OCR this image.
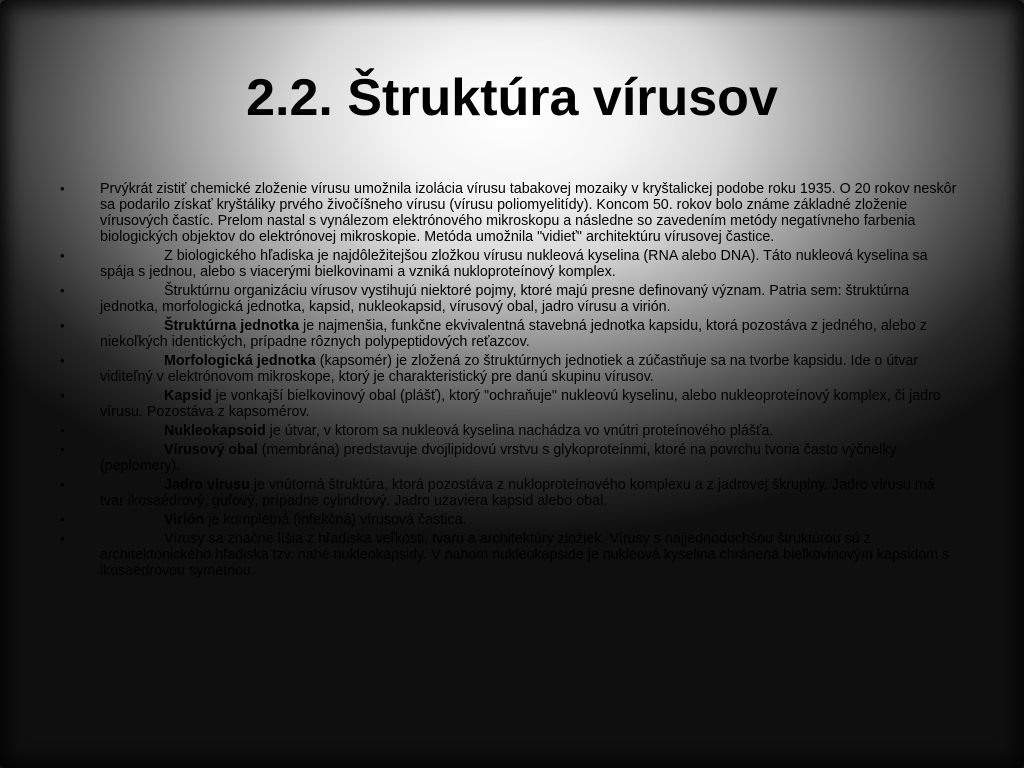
2.2. Štruktúra vírusov
•	Prvýkrát zistiť chemické zloženie vírusu umožnila izolácia vírusu tabakovej mozaiky v kryštalickej podobe roku 1935. O 20 rokov neskôr sa podarilo získať kryštáliky prvého živočíšneho vírusu (vírusu poliomyelitídy). Koncom 50. rokov bolo známe základné zloženie vírusových častíc. Prelom nastal s vynálezom elektrónového mikroskopu a následne so zavedením metódy negatívneho farbenia biologických objektov do elektrónovej mikroskopie. Metóda umožnila "vidieť" architektúru vírusovej častice.
•	Z biologického hľadiska je najdôležitejšou zložkou vírusu nukleová kyselina (RNA alebo DNA). Táto nukleová kyselina sa spája s jednou, alebo s viacerými bielkovinami a vzniká nukloproteínový komplex.
•	Štruktúrnu organizáciu vírusov vystihujú niektoré pojmy, ktoré majú presne definovaný význam. Patria sem: štruktúrna jednotka, morfologická jednotka, kapsid, nukleokapsid, vírusový obal, jadro vírusu a virión.
•	Štruktúrna jednotka je najmenšia, funkčne ekvivalentná stavebná jednotka kapsidu, ktorá pozostáva z jedného, alebo z niekoľkých identických, prípadne rôznych polypeptidových reťazcov.
•	Morfologická jednotka (kapsomér) je zložená zo štruktúrnych jednotiek a zúčastňuje sa na tvorbe kapsidu. Ide o útvar viditeľný v elektrónovom mikroskope, ktorý je charakteristický pre danú skupinu vírusov.
•	Kapsid je vonkajší bielkovinový obal (plášť), ktorý "ochraňuje" nukleovú kyselinu, alebo nukleoproteínový komplex, či jadro vírusu. Pozostáva z kapsomérov.
•	Nukleokapsoid je útvar, v ktorom sa nukleová kyselina nachádza vo vnútri proteínového plášťa.
•	Vírusový obal (membrána) predstavuje dvojlipidovú vrstvu s glykoproteínmi, ktoré na povrchu tvoria často výčnelky (peplomery).
•	Jadro vírusu je vnútorná štruktúra, ktorá pozostáva z nukloproteínového komplexu a z jadrovej škrupiny. Jadro vírusu má tvar ikosaédrový, guľový, prípadne cylindrový. Jadro uzaviera kapsid alebo obal.
•	Virión je kompletná (infekčná) vírusová častica.
•	Vírusy sa značne líšia z hľadiska veľkosti, tvaru a architektúry zložiek. Vírusy s najjednoduchšou štruktúrou sú z architektonického hľadiska tzv. nahé nukleokapsidy. V nahom nukleokapside je nukleová kyselina chránená bielkovinovým kapsidom s ikosaédrovou symetriou.
